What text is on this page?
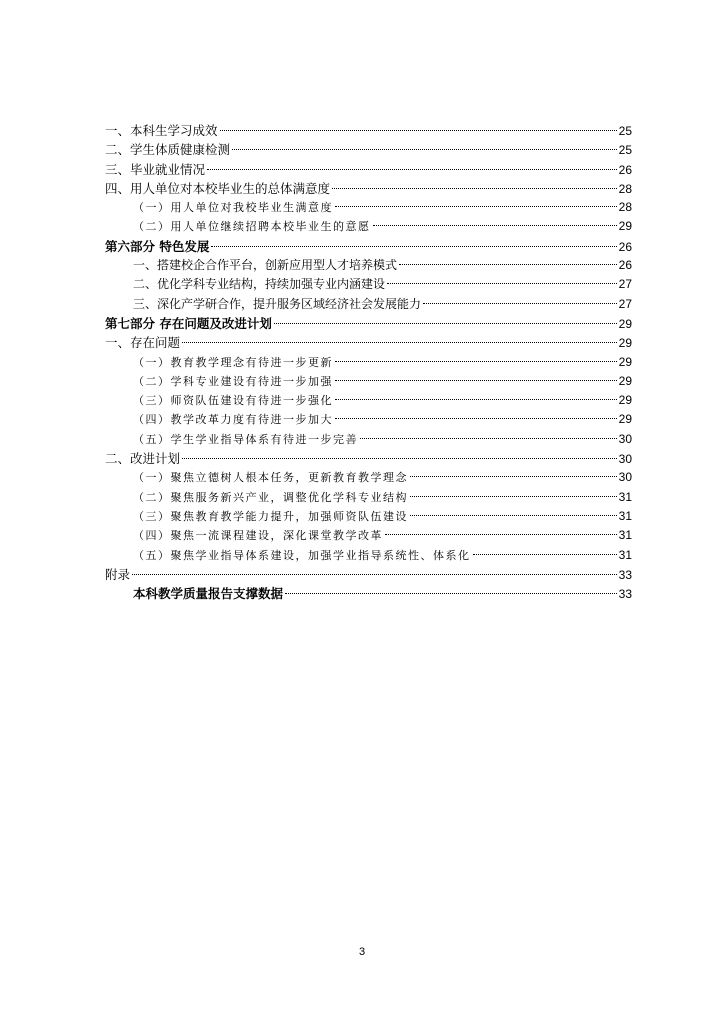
一、本科生学习成效	25
二、学生体质健康检测	25
三、毕业就业情况	26
四、用人单位对本校毕业生的总体满意度	28
（一）用人单位对我校毕业生满意度	28
（二）用人单位继续招聘本校毕业生的意愿	29
第六部分 特色发展	26
一、搭建校企合作平台，创新应用型人才培养模式	26
二、优化学科专业结构，持续加强专业内涵建设	27
三、深化产学研合作，提升服务区域经济社会发展能力	27
第七部分 存在问题及改进计划	29
一、存在问题	29
（一）教育教学理念有待进一步更新	29
（二）学科专业建设有待进一步加强	29
（三）师资队伍建设有待进一步强化	29
（四）教学改革力度有待进一步加大	29
（五）学生学业指导体系有待进一步完善	30
二、改进计划	30
（一）聚焦立德树人根本任务，更新教育教学理念	30
（二）聚焦服务新兴产业，调整优化学科专业结构	31
（三）聚焦教育教学能力提升，加强师资队伍建设	31
（四）聚焦一流课程建设，深化课堂教学改革	31
（五）聚焦学业指导体系建设，加强学业指导系统性、体系化	31
附录	33
本科教学质量报告支撑数据	33
3
